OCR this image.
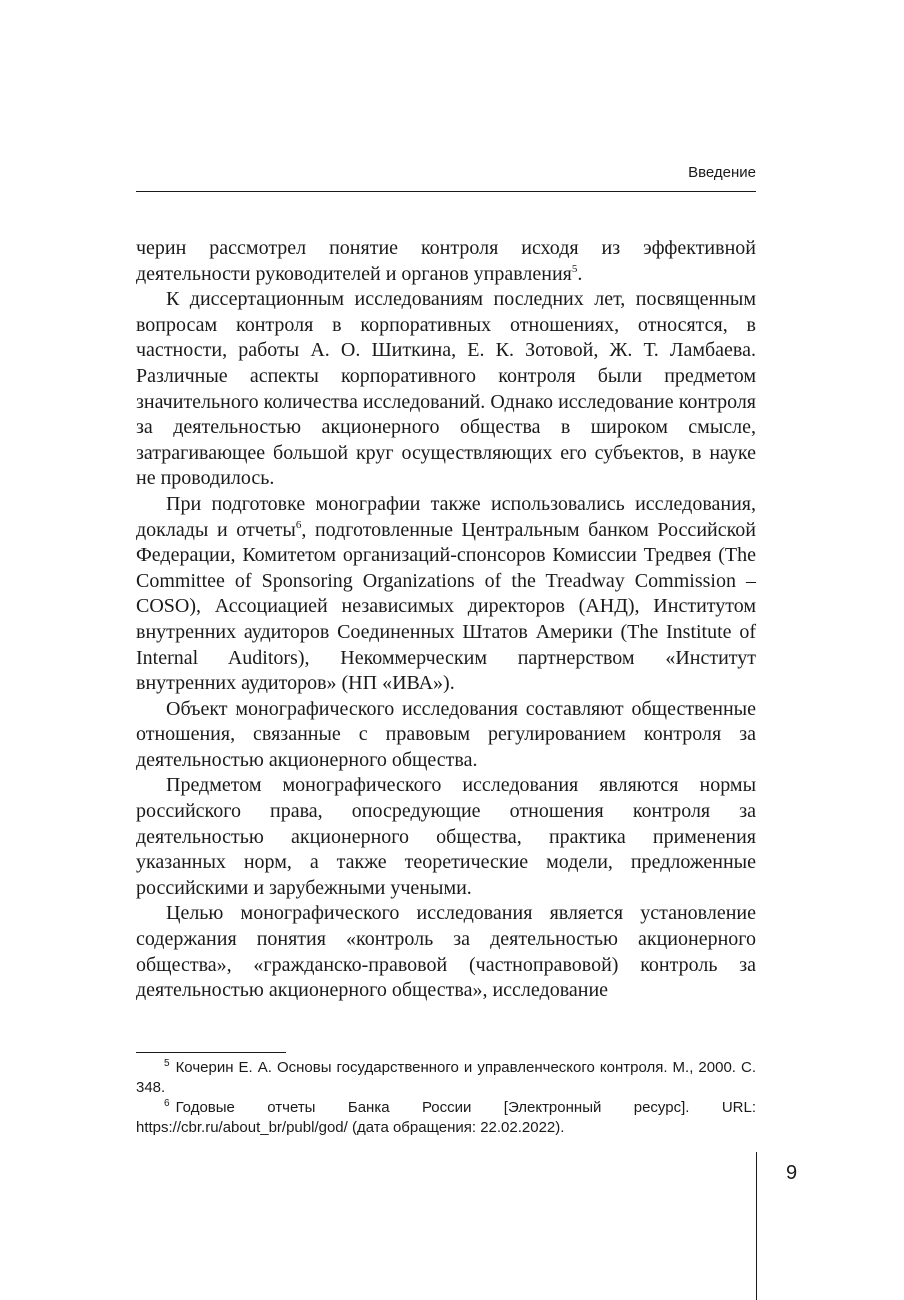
Введение

черин рассмотрел понятие контроля исходя из эффективной деятельности руководителей и органов управления$^5$.

К диссертационным исследованиям последних лет, посвященным вопросам контроля в корпоративных отношениях, относятся, в частности, работы А. О. Шиткина, Е. К. Зотовой, Ж. Т. Ламбаева. Различные аспекты корпоративного контроля были предметом значительного количества исследований. Однако исследование контроля за деятельностью акционерного общества в широком смысле, затрагивающее большой круг осуществляющих его субъектов, в науке не проводилось.

При подготовке монографии также использовались исследования, доклады и отчеты$^6$, подготовленные Центральным банком Российской Федерации, Комитетом организаций-спонсоров Комиссии Тредвея (The Committee of Sponsoring Organizations of the Treadway Commission – COSO), Ассоциацией независимых директоров (АНД), Институтом внутренних аудиторов Соединенных Штатов Америки (The Institute of Internal Auditors), Некоммерческим партнерством «Институт внутренних аудиторов» (НП «ИВА»).

Объект монографического исследования составляют общественные отношения, связанные с правовым регулированием контроля за деятельностью акционерного общества.

Предметом монографического исследования являются нормы российского права, опосредующие отношения контроля за деятельностью акционерного общества, практика применения указанных норм, а также теоретические модели, предложенные российскими и зарубежными учеными.

Целью монографического исследования является установление содержания понятия «контроль за деятельностью акционерного общества», «гражданско-правовой (частноправовой) контроль за деятельностью акционерного общества», исследование

$^5$ Кочерин Е. А. Основы государственного и управленческого контроля. М., 2000. С. 348.

$^6$ Годовые отчеты Банка России [Электронный ресурс]. URL: https://cbr.ru/about_br/publ/god/ (дата обращения: 22.02.2022).

9
